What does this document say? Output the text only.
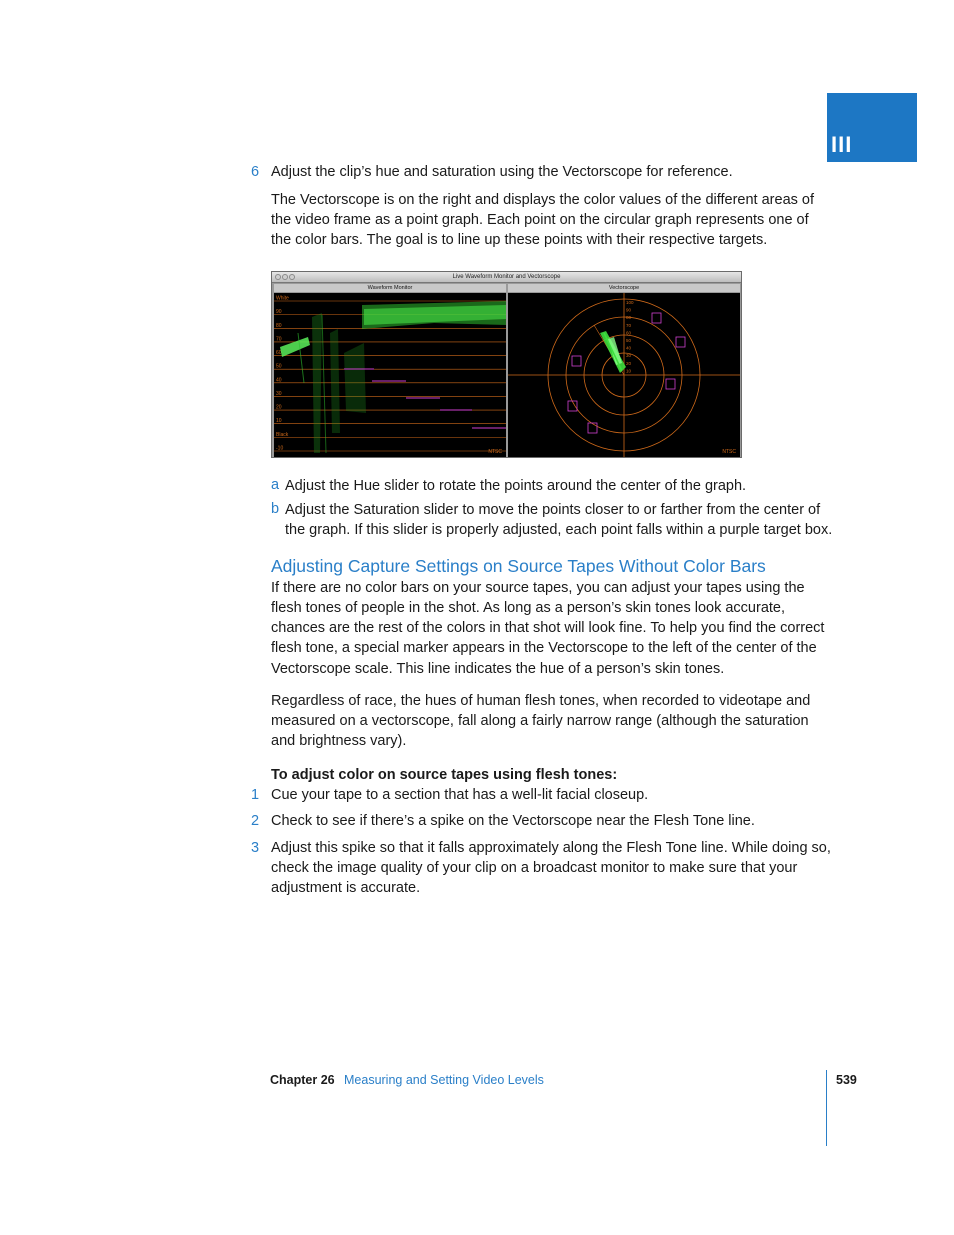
III
6 Adjust the clip’s hue and saturation using the Vectorscope for reference.
The Vectorscope is on the right and displays the color values of the different areas of
the video frame as a point graph. Each point on the circular graph represents one of
the color bars. The goal is to line up these points with their respective targets.
Live Waveform Monitor and Vectorscope
Waveform Monitor	Vectorscope
White
90
80
70
60
50
40
30
20
10
Black
-10
NTSC
100
90
80
70
60
50
40
30
20
10
NTSC
a Adjust the Hue slider to rotate the points around the center of the graph.
b Adjust the Saturation slider to move the points closer to or farther from the center of
the graph. If this slider is properly adjusted, each point falls within a purple target box.
Adjusting Capture Settings on Source Tapes Without Color Bars
If there are no color bars on your source tapes, you can adjust your tapes using the
flesh tones of people in the shot. As long as a person’s skin tones look accurate,
chances are the rest of the colors in that shot will look fine. To help you find the correct
flesh tone, a special marker appears in the Vectorscope to the left of the center of the
Vectorscope scale. This line indicates the hue of a person’s skin tones.
Regardless of race, the hues of human flesh tones, when recorded to videotape and
measured on a vectorscope, fall along a fairly narrow range (although the saturation
and brightness vary).
To adjust color on source tapes using flesh tones:
1 Cue your tape to a section that has a well-lit facial closeup.
2 Check to see if there’s a spike on the Vectorscope near the Flesh Tone line.
3 Adjust this spike so that it falls approximately along the Flesh Tone line. While doing so,
check the image quality of your clip on a broadcast monitor to make sure that your
adjustment is accurate.
Chapter 26 Measuring and Setting Video Levels	539
